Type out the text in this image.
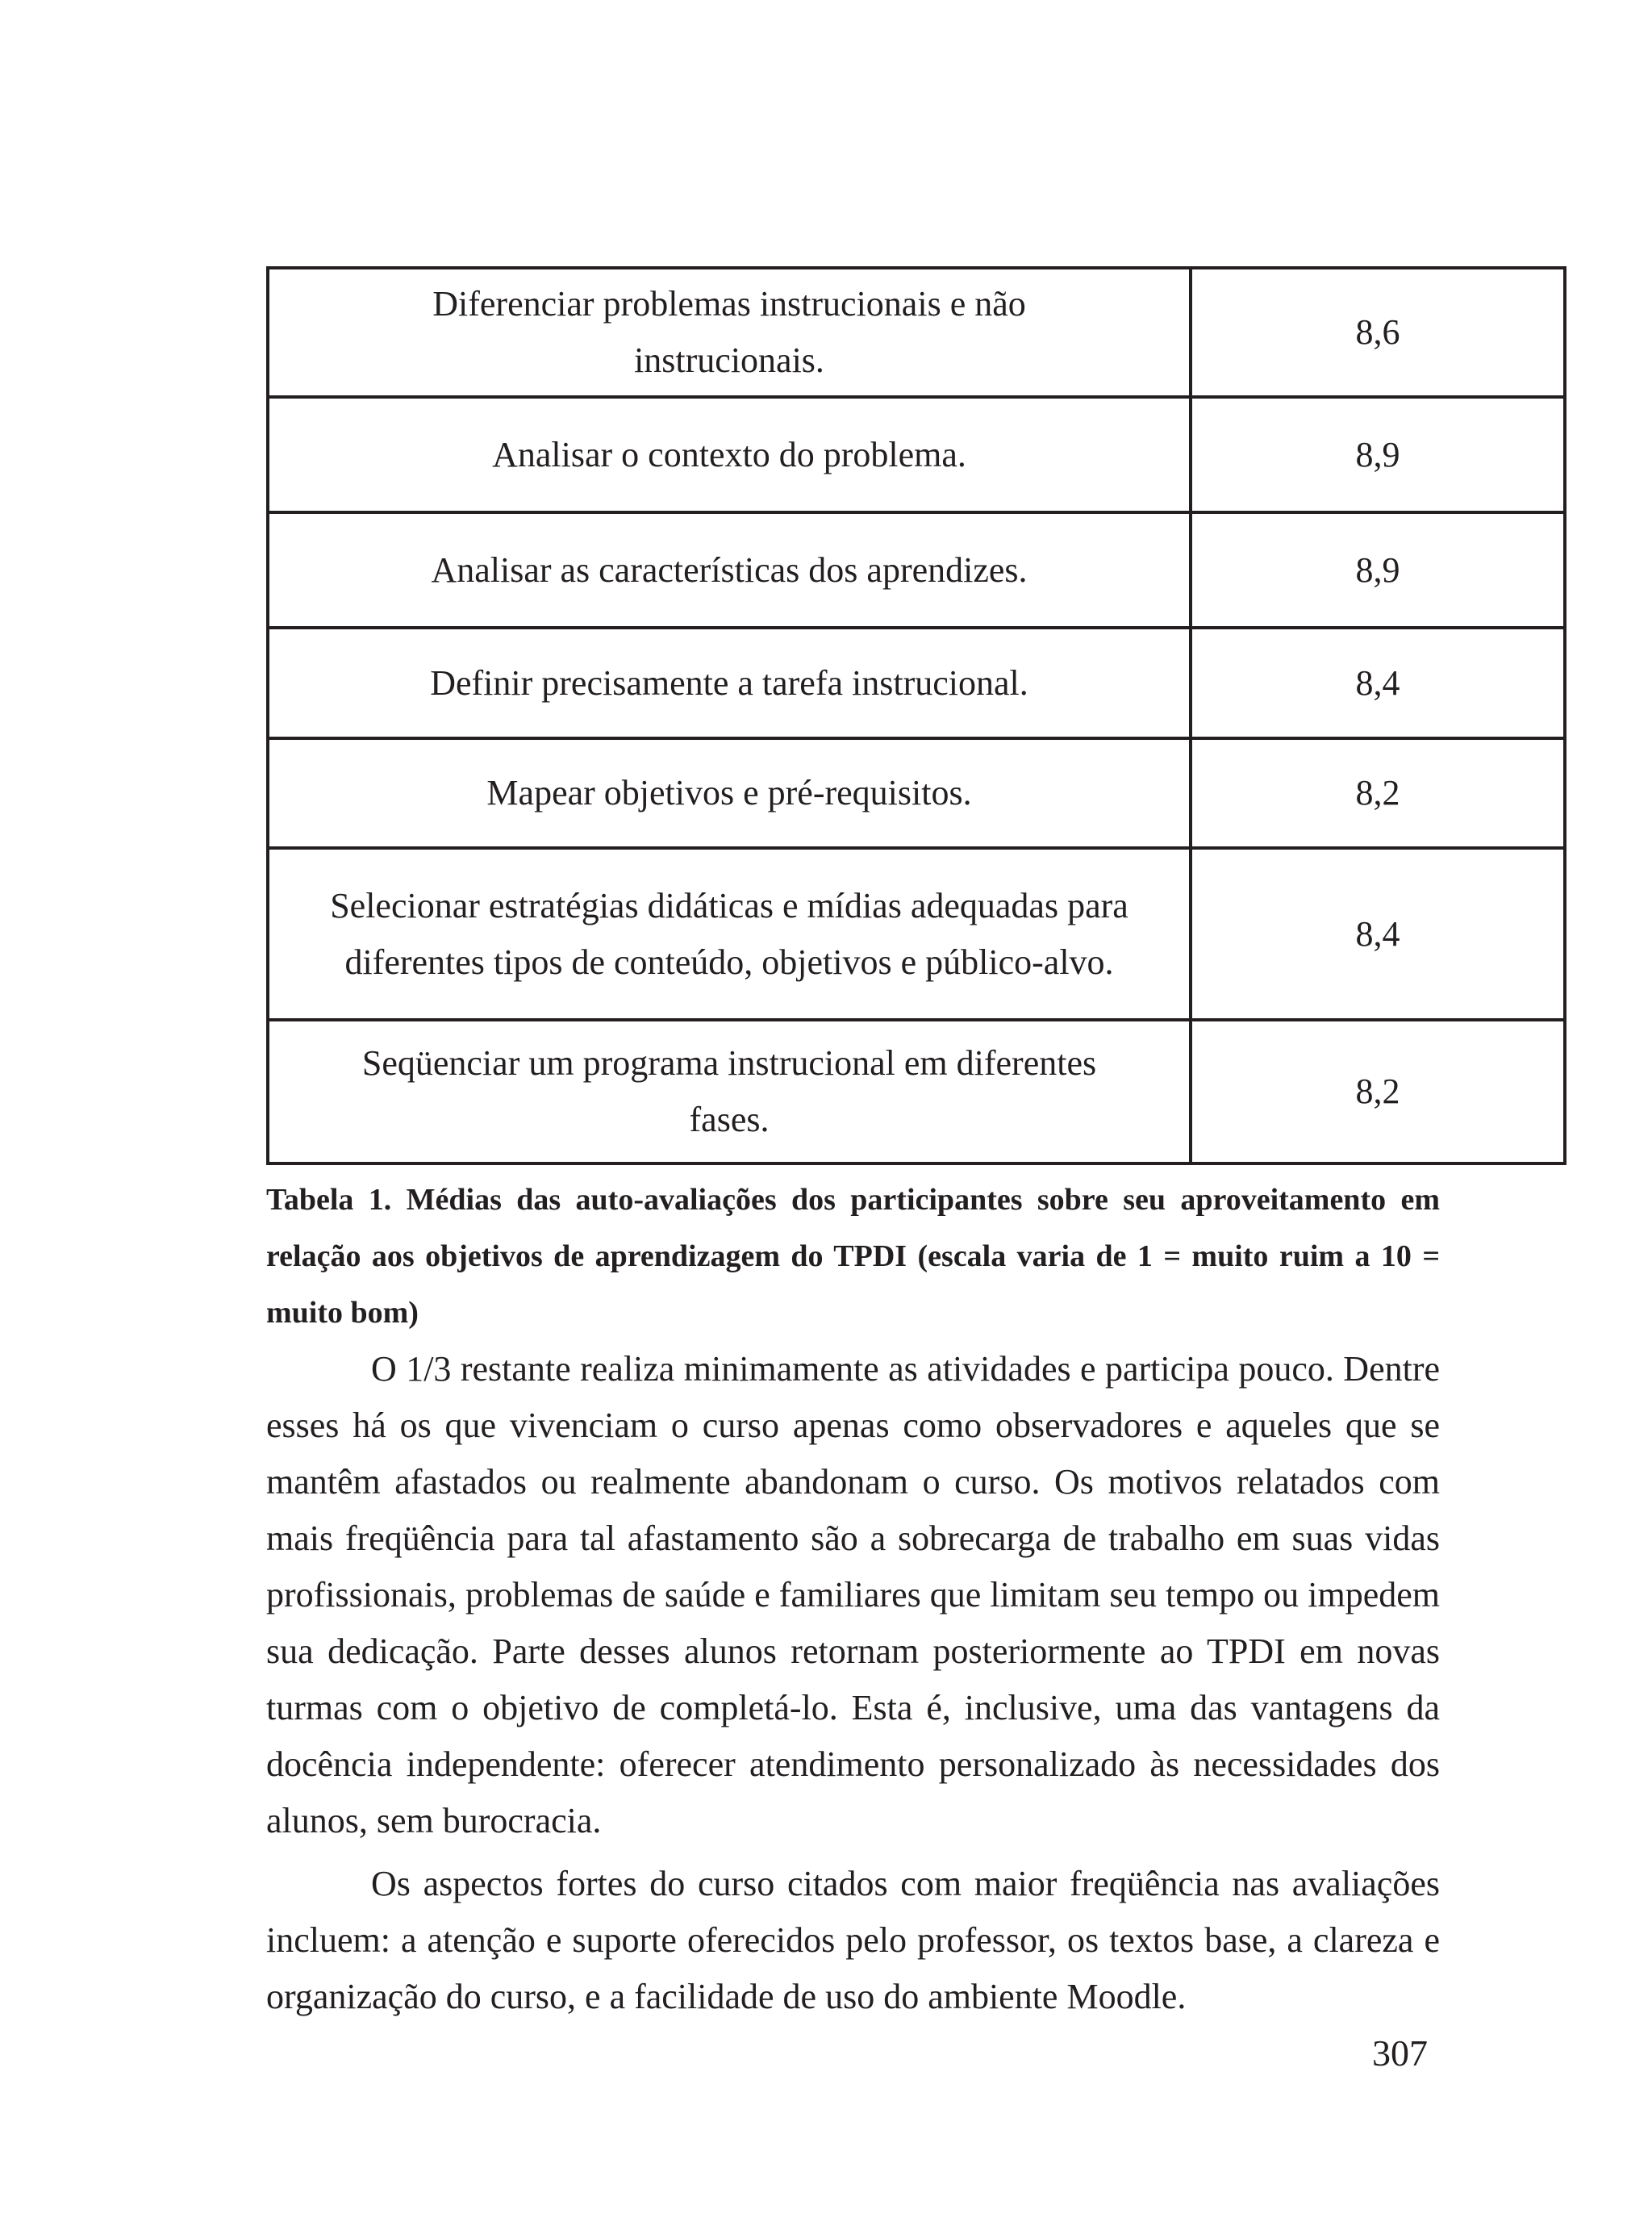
Diferenciar problemas instrucionais e não instrucionais.	8,6
Analisar o contexto do problema.	8,9
Analisar as características dos aprendizes.	8,9
Definir precisamente a tarefa instrucional.	8,4
Mapear objetivos e pré-requisitos.	8,2
Selecionar estratégias didáticas e mídias adequadas para diferentes tipos de conteúdo, objetivos e público-alvo.	8,4
Seqüenciar um programa instrucional em diferentes fases.	8,2
Tabela 1. Médias das auto-avaliações dos participantes sobre seu aproveitamento em relação aos objetivos de aprendizagem do TPDI (escala varia de 1 = muito ruim a 10 = muito bom)

O 1/3 restante realiza minimamente as atividades e participa pouco. Dentre esses há os que vivenciam o curso apenas como observadores e aqueles que se mantêm afastados ou realmente abandonam o curso. Os motivos relatados com mais freqüência para tal afastamento são a sobrecarga de trabalho em suas vidas profissionais, problemas de saúde e familiares que limitam seu tempo ou impedem sua dedicação. Parte desses alunos retornam posteriormente ao TPDI em novas turmas com o objetivo de completá-lo. Esta é, inclusive, uma das vantagens da docência independente: oferecer atendimento personalizado às necessidades dos alunos, sem burocracia.

Os aspectos fortes do curso citados com maior freqüência nas avaliações incluem: a atenção e suporte oferecidos pelo professor, os textos base, a clareza e organização do curso, e a facilidade de uso do ambiente Moodle.

307
